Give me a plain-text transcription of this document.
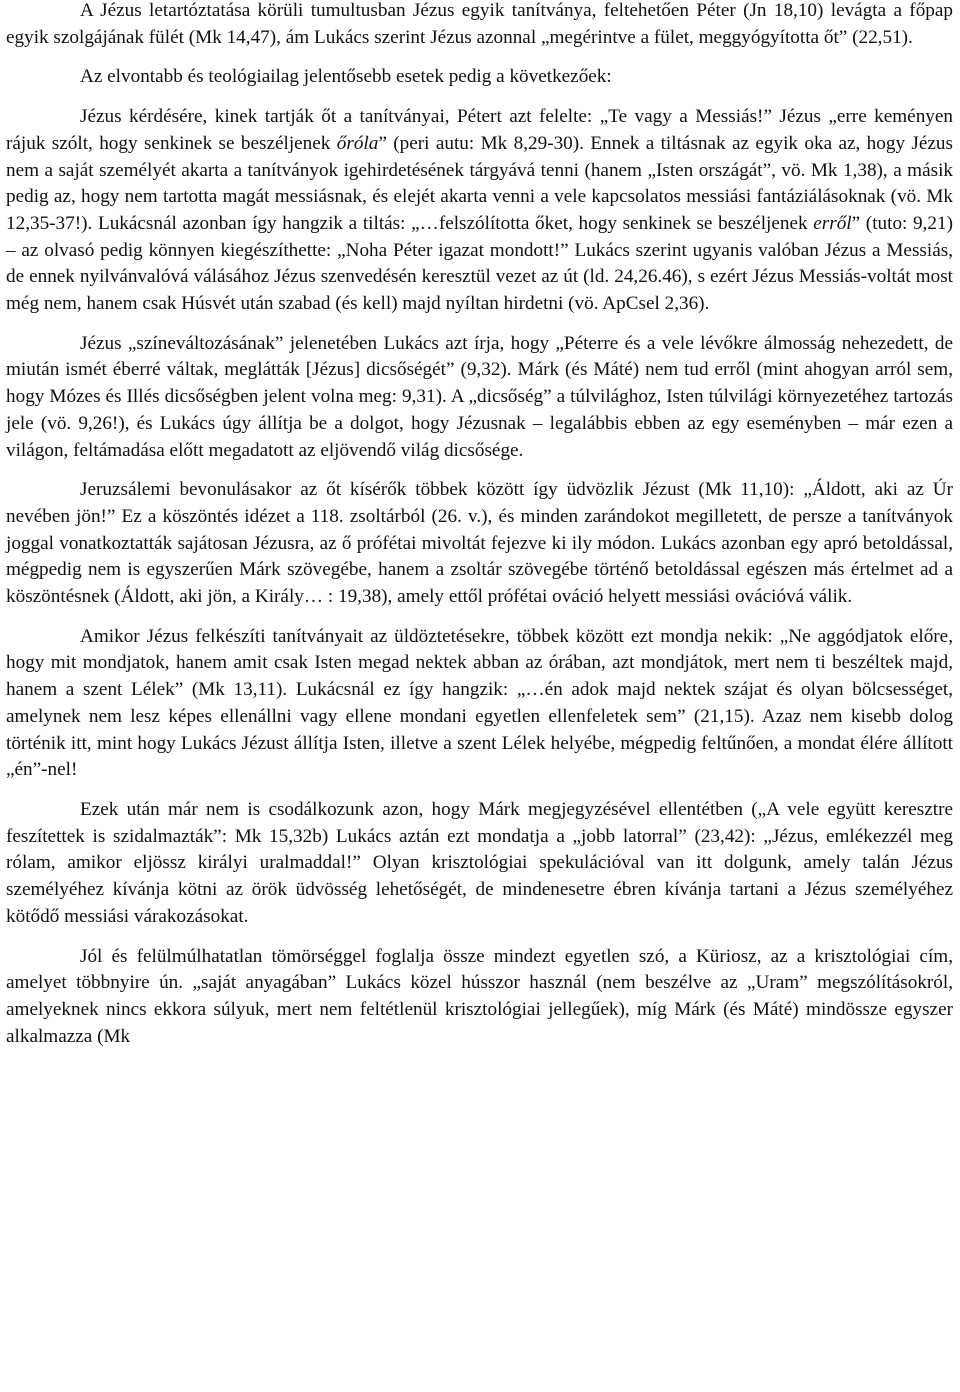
A Jézus letartóztatása körüli tumultusban Jézus egyik tanítványa, feltehetően Péter (Jn 18,10) levágta a főpap egyik szolgájának fülét (Mk 14,47), ám Lukács szerint Jézus azonnal „megérintve a fület, meggyógyította őt” (22,51).

Az elvontabb és teológiailag jelentősebb esetek pedig a következőek:

Jézus kérdésére, kinek tartják őt a tanítványai, Pétert azt felelte: „Te vagy a Messiás!” Jézus „erre keményen rájuk szólt, hogy senkinek se beszéljenek őróla” (peri autu: Mk 8,29-30). Ennek a tiltásnak az egyik oka az, hogy Jézus nem a saját személyét akarta a tanítványok igehirdetésének tárgyává tenni (hanem „Isten országát”, vö. Mk 1,38), a másik pedig az, hogy nem tartotta magát messiásnak, és elejét akarta venni a vele kapcsolatos messiási fantáziálásoknak (vö. Mk 12,35-37!). Lukácsnál azonban így hangzik a tiltás: „…felszólította őket, hogy senkinek se beszéljenek erről” (tuto: 9,21) – az olvasó pedig könnyen kiegészíthette: „Noha Péter igazat mondott!” Lukács szerint ugyanis valóban Jézus a Messiás, de ennek nyilvánvalóvá válásához Jézus szenvedésén keresztül vezet az út (ld. 24,26.46), s ezért Jézus Messiás-voltát most még nem, hanem csak Húsvét után szabad (és kell) majd nyíltan hirdetni (vö. ApCsel 2,36).

Jézus „színeváltozásának” jelenetében Lukács azt írja, hogy „Péterre és a vele lévőkre álmosság nehezedett, de miután ismét éberré váltak, meglátták [Jézus] dicsőségét” (9,32). Márk (és Máté) nem tud erről (mint ahogyan arról sem, hogy Mózes és Illés dicsőségben jelent volna meg: 9,31). A „dicsőség” a túlvilághoz, Isten túlvilági környezetéhez tartozás jele (vö. 9,26!), és Lukács úgy állítja be a dolgot, hogy Jézusnak – legalábbis ebben az egy eseményben – már ezen a világon, feltámadása előtt megadatott az eljövendő világ dicsősége.

Jeruzsálemi bevonulásakor az őt kísérők többek között így üdvözlik Jézust (Mk 11,10): „Áldott, aki az Úr nevében jön!” Ez a köszöntés idézet a 118. zsoltárból (26. v.), és minden zarándokot megilletett, de persze a tanítványok joggal vonatkoztatták sajátosan Jézusra, az ő prófétai mivoltát fejezve ki ily módon. Lukács azonban egy apró betoldással, mégpedig nem is egyszerűen Márk szövegébe, hanem a zsoltár szövegébe történő betoldással egészen más értelmet ad a köszöntésnek (Áldott, aki jön, a Király… : 19,38), amely ettől prófétai ováció helyett messiási ovációvá válik.

Amikor Jézus felkészíti tanítványait az üldöztetésekre, többek között ezt mondja nekik: „Ne aggódjatok előre, hogy mit mondjatok, hanem amit csak Isten megad nektek abban az órában, azt mondjátok, mert nem ti beszéltek majd, hanem a szent Lélek” (Mk 13,11). Lukácsnál ez így hangzik: „…én adok majd nektek szájat és olyan bölcsességet, amelynek nem lesz képes ellenállni vagy ellene mondani egyetlen ellenfeletek sem” (21,15). Azaz nem kisebb dolog történik itt, mint hogy Lukács Jézust állítja Isten, illetve a szent Lélek helyébe, mégpedig feltűnően, a mondat élére állított „én”-nel!

Ezek után már nem is csodálkozunk azon, hogy Márk megjegyzésével ellentétben („A vele együtt keresztre feszítettek is szidalmazták”: Mk 15,32b) Lukács aztán ezt mondatja a „jobb latorral” (23,42): „Jézus, emlékezzél meg rólam, amikor eljössz királyi uralmaddal!” Olyan krisztológiai spekulációval van itt dolgunk, amely talán Jézus személyéhez kívánja kötni az örök üdvösség lehetőségét, de mindenesetre ébren kívánja tartani a Jézus személyéhez kötődő messiási várakozásokat.

Jól és felülmúlhatatlan tömörséggel foglalja össze mindezt egyetlen szó, a Küriosz, az a krisztológiai cím, amelyet többnyire ún. „saját anyagában” Lukács közel hússzor használ (nem beszélve az „Uram” megszólításokról, amelyeknek nincs ekkora súlyuk, mert nem feltétlenül krisztológiai jellegűek), míg Márk (és Máté) mindössze egyszer alkalmazza (Mk
